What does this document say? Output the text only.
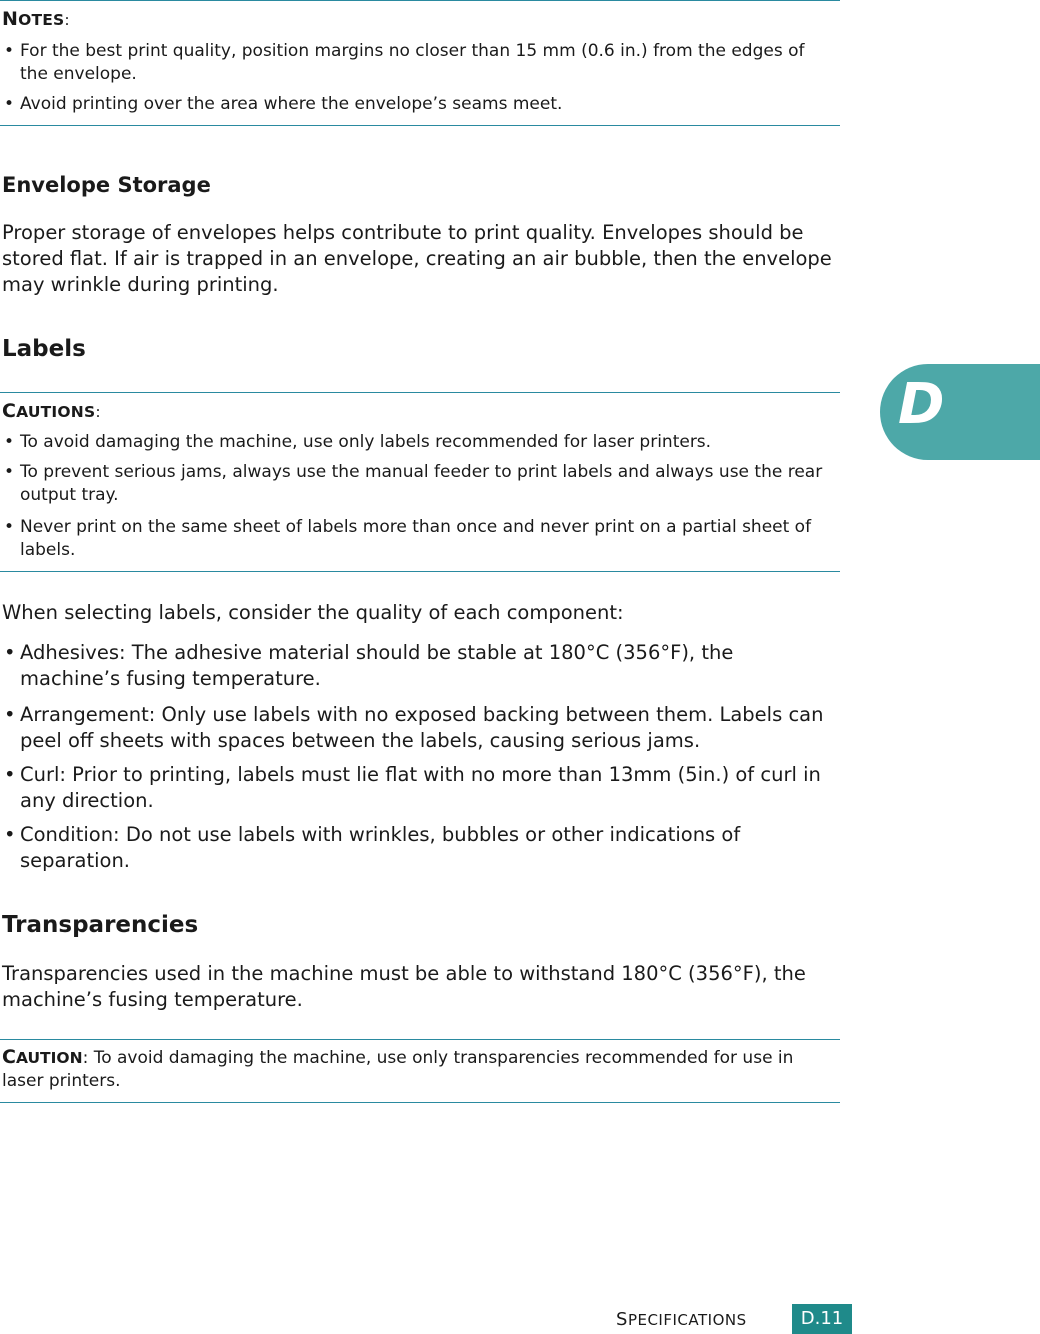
NOTES:
• For the best print quality, position margins no closer than 15 mm (0.6 in.) from the edges of the envelope.
• Avoid printing over the area where the envelope’s seams meet.
Envelope Storage
Proper storage of envelopes helps contribute to print quality. Envelopes should be stored flat. If air is trapped in an envelope, creating an air bubble, then the envelope may wrinkle during printing.
Labels
CAUTIONS:
• To avoid damaging the machine, use only labels recommended for laser printers.
• To prevent serious jams, always use the manual feeder to print labels and always use the rear output tray.
• Never print on the same sheet of labels more than once and never print on a partial sheet of labels.
When selecting labels, consider the quality of each component:
• Adhesives: The adhesive material should be stable at 180°C (356°F), the machine’s fusing temperature.
• Arrangement: Only use labels with no exposed backing between them. Labels can peel off sheets with spaces between the labels, causing serious jams.
• Curl: Prior to printing, labels must lie flat with no more than 13mm (5in.) of curl in any direction.
• Condition: Do not use labels with wrinkles, bubbles or other indications of separation.
Transparencies
Transparencies used in the machine must be able to withstand 180°C (356°F), the machine’s fusing temperature.
CAUTION: To avoid damaging the machine, use only transparencies recommended for use in laser printers.
D
SPECIFICATIONS	D.11
